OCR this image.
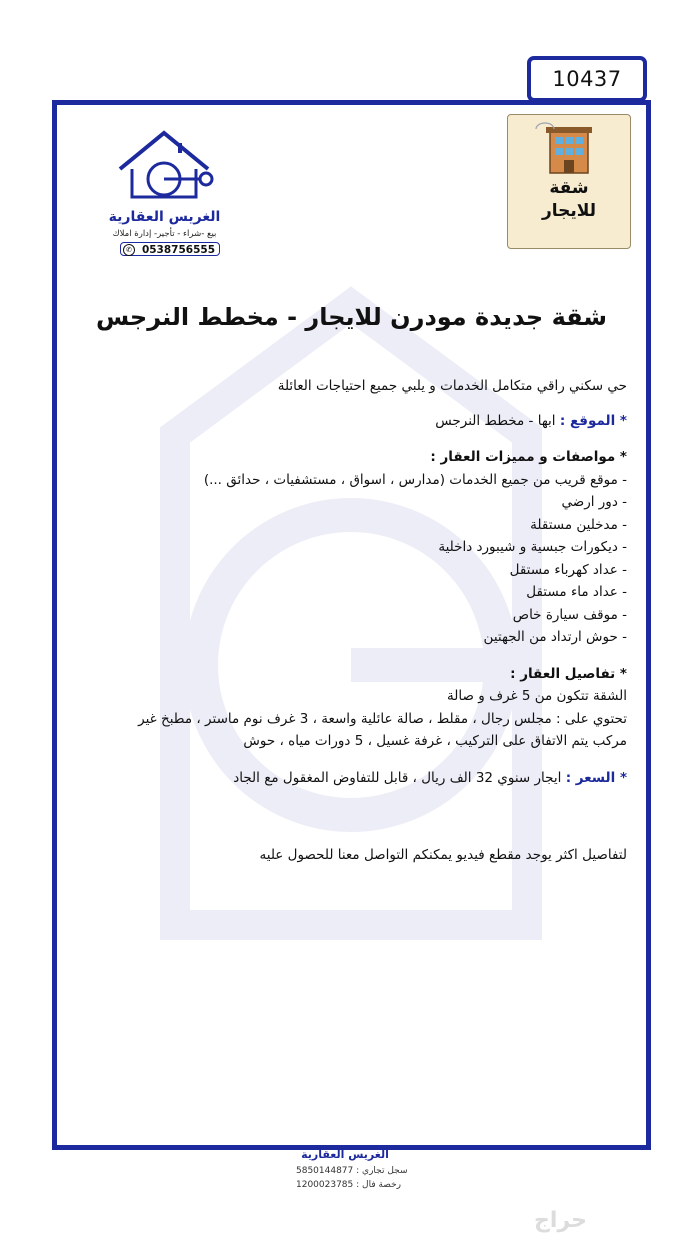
10437
الغريس العقارية
بيع -شراء - تأجير- إدارة املاك
✆ 0538756555
شقة
للايجار
شقة جديدة مودرن للايجار - مخطط النرجس

حي سكني راقي متكامل الخدمات و يلبي جميع احتياجات العائلة

* الموقع : ابها - مخطط النرجس

* مواصفات و مميزات العقار :

- موقع قريب من جميع الخدمات (مدارس ، اسواق ، مستشفيات ، حدائق ...)

- دور ارضي

- مدخلين مستقلة

- ديكورات جبسية و شيبورد داخلية

- عداد كهرباء مستقل

- عداد ماء مستقل

- موقف سيارة خاص

- حوش ارتداد من الجهتين

* تفاصيل العقار :

الشقة تتكون من 5 غرف و صالة

تحتوي على : مجلس رجال ، مقلط ، صالة عائلية واسعة ، 3 غرف نوم ماستر ، مطبخ غير

مركب يتم الاتفاق على التركيب ، غرفة غسيل ، 5 دورات مياه ، حوش

* السعر : ايجار سنوي 32 الف ريال ، قابل للتفاوض المغقول مع الجاد

لتفاصيل اكثر يوجد مقطع فيديو يمكنكم التواصل معنا للحصول عليه

الغريس العقارية
سجل تجاري : 5850144877
رخصة فال : 1200023785
حراج
